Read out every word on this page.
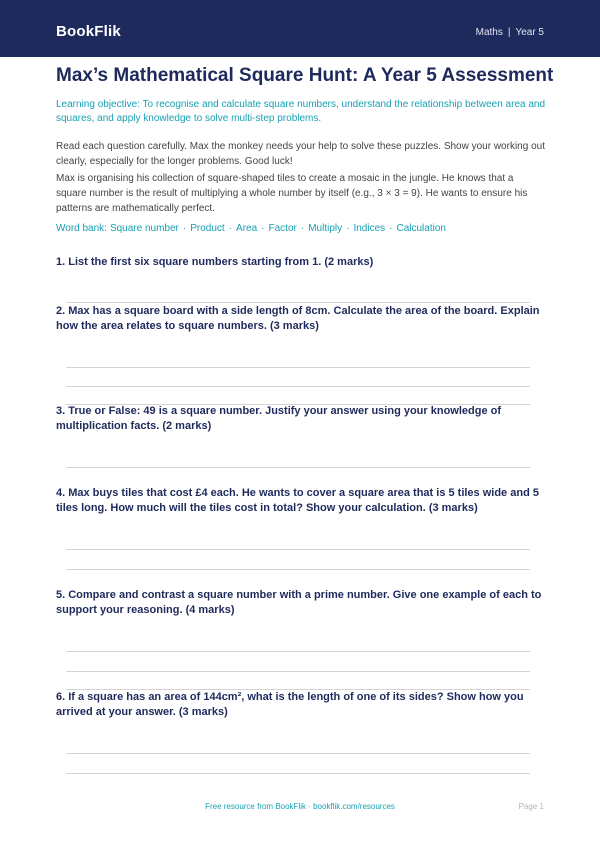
BookFlik	Maths | Year 5
Max’s Mathematical Square Hunt: A Year 5 Assessment
Learning objective: To recognise and calculate square numbers, understand the relationship between area and squares, and apply knowledge to solve multi-step problems.
Read each question carefully. Max the monkey needs your help to solve these puzzles. Show your working out clearly, especially for the longer problems. Good luck!
Max is organising his collection of square-shaped tiles to create a mosaic in the jungle. He knows that a square number is the result of multiplying a whole number by itself (e.g., 3 × 3 = 9). He wants to ensure his patterns are mathematically perfect.
Word bank: Square number · Product · Area · Factor · Multiply · Indices · Calculation
1. List the first six square numbers starting from 1. (2 marks)
2. Max has a square board with a side length of 8cm. Calculate the area of the board. Explain how the area relates to square numbers. (3 marks)
3. True or False: 49 is a square number. Justify your answer using your knowledge of multiplication facts. (2 marks)
4. Max buys tiles that cost £4 each. He wants to cover a square area that is 5 tiles wide and 5 tiles long. How much will the tiles cost in total? Show your calculation. (3 marks)
5. Compare and contrast a square number with a prime number. Give one example of each to support your reasoning. (4 marks)
6. If a square has an area of 144cm², what is the length of one of its sides? Show how you arrived at your answer. (3 marks)
Free resource from BookFlik · bookflik.com/resources	Page 1
